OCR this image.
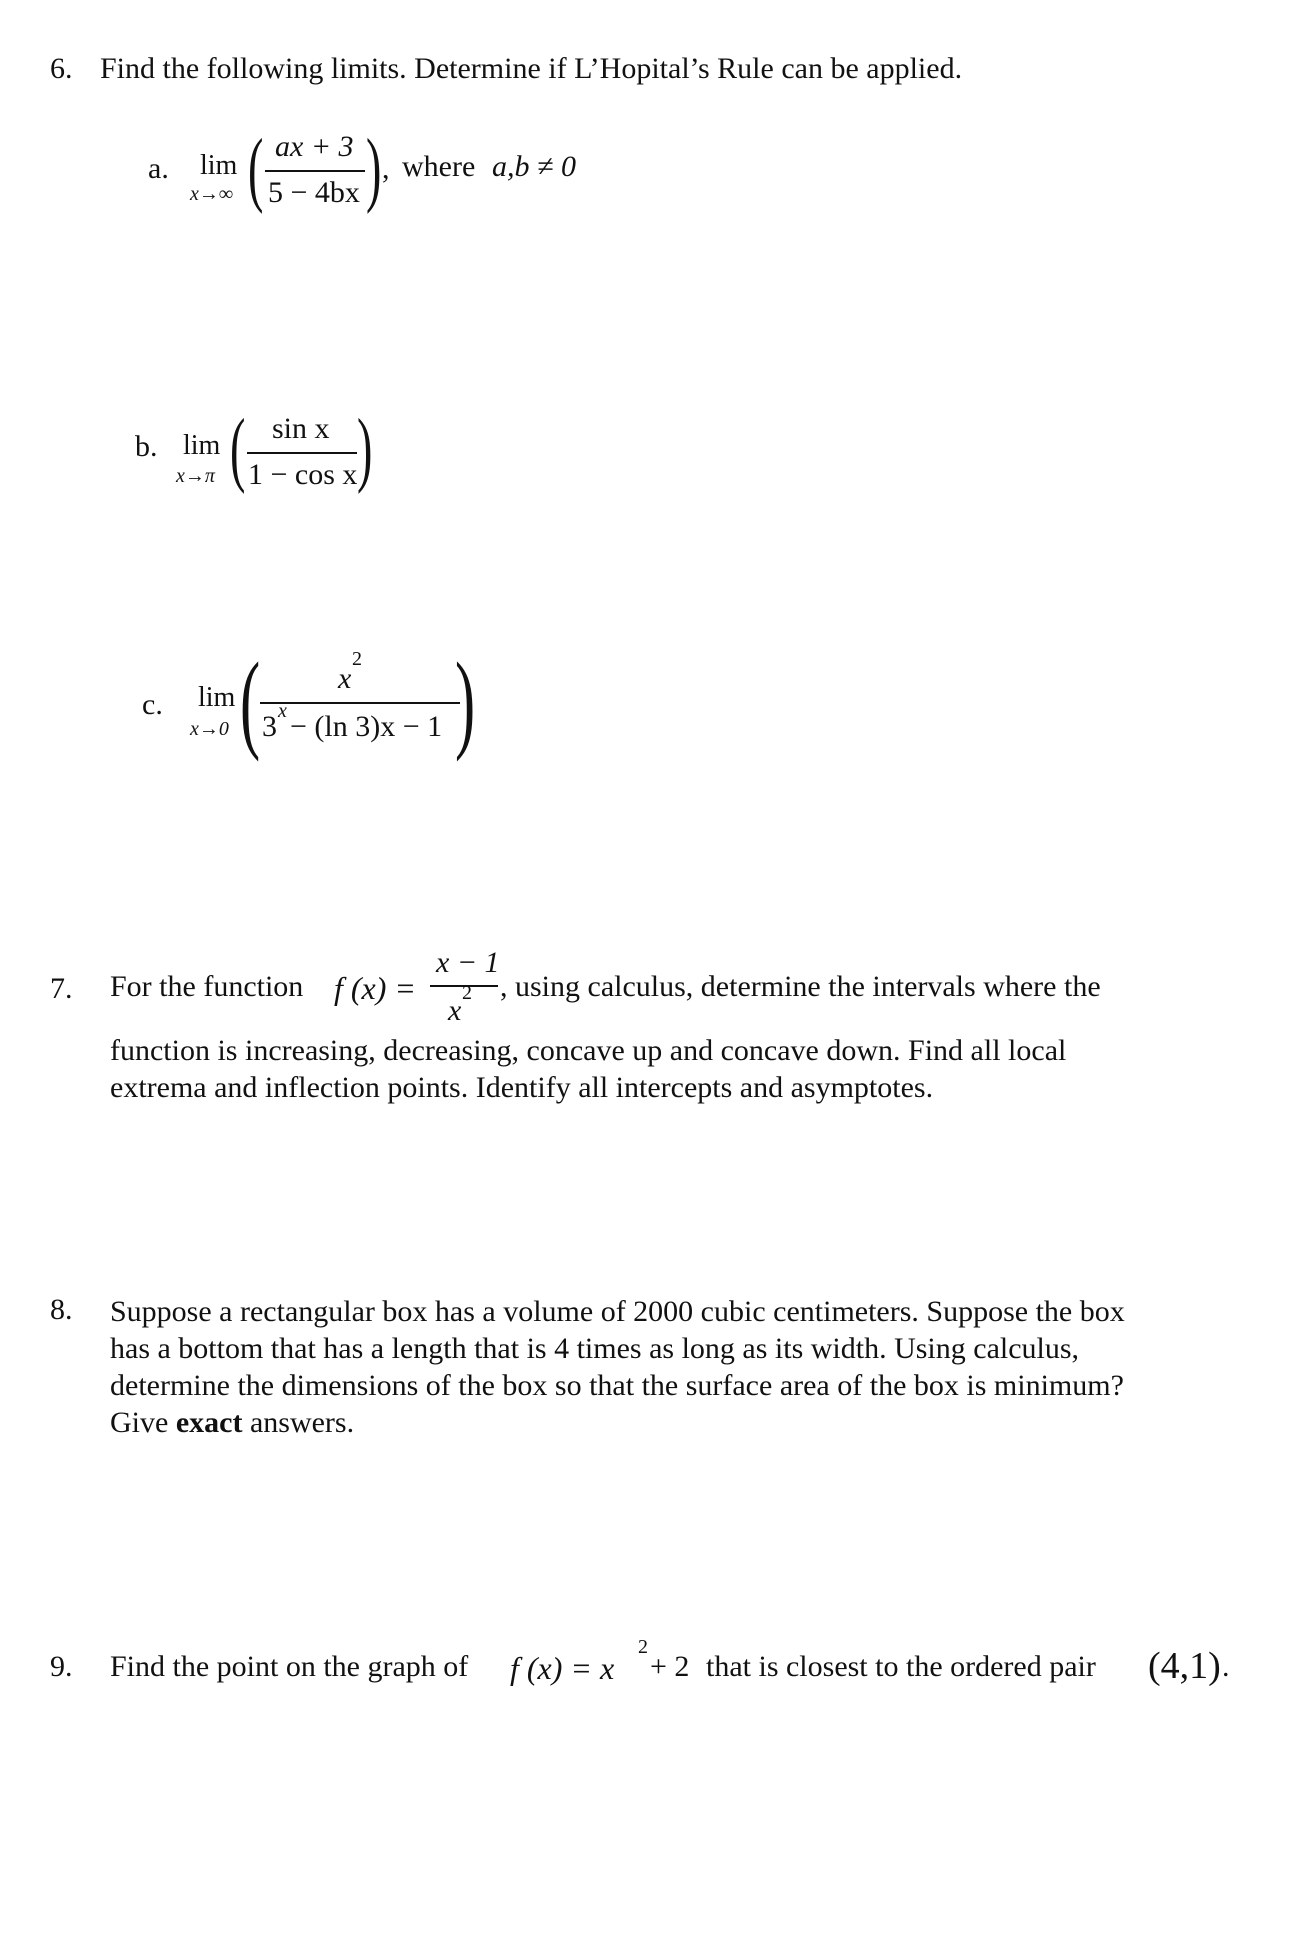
6. Find the following limits. Determine if L’Hopital’s Rule can be applied.
a. lim
x→∞ ( ax + 3
5 − 4bx ) , where a,b ≠ 0
b. lim
x→π ( sin x
1 − cos x )
c. lim
x→0 (	x
2
3 x − (ln 3)x − 1 )
7. For the function f (x) =
x − 1
x
2 , using calculus, determine the intervals where the
function is increasing, decreasing, concave up and concave down. Find all local
extrema and inflection points. Identify all intercepts and asymptotes.
8. Suppose a rectangular box has a volume of 2000 cubic centimeters. Suppose the box
has a bottom that has a length that is 4 times as long as its width. Using calculus,
determine the dimensions of the box so that the surface area of the box is minimum?
Give exact answers.
9. Find the point on the graph of f (x) = x
2
+ 2 that is closest to the ordered pair (4,1) .
